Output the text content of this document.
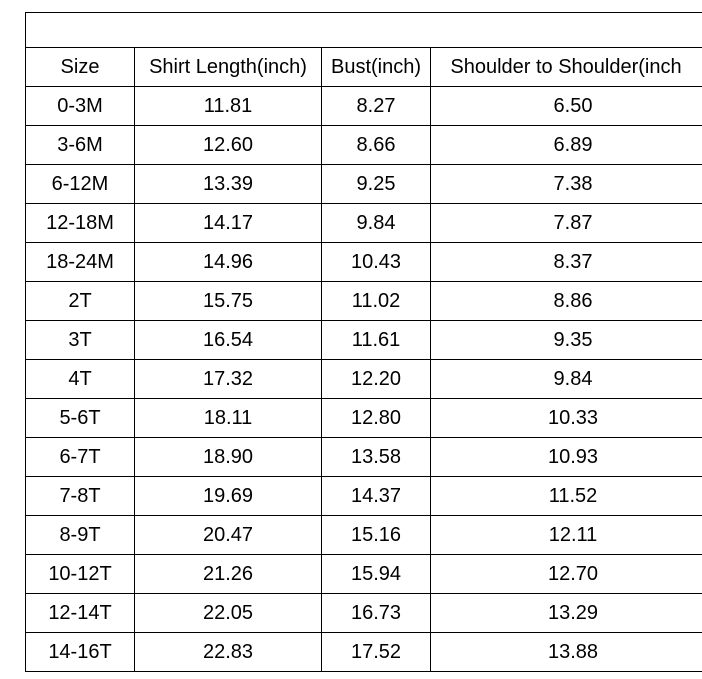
Size	Shirt Length(inch)	Bust(inch)	Shoulder to Shoulder(inch
0-3M	11.81	8.27	6.50
3-6M	12.60	8.66	6.89
6-12M	13.39	9.25	7.38
12-18M	14.17	9.84	7.87
18-24M	14.96	10.43	8.37
2T	15.75	11.02	8.86
3T	16.54	11.61	9.35
4T	17.32	12.20	9.84
5-6T	18.11	12.80	10.33
6-7T	18.90	13.58	10.93
7-8T	19.69	14.37	11.52
8-9T	20.47	15.16	12.11
10-12T	21.26	15.94	12.70
12-14T	22.05	16.73	13.29
14-16T	22.83	17.52	13.88
